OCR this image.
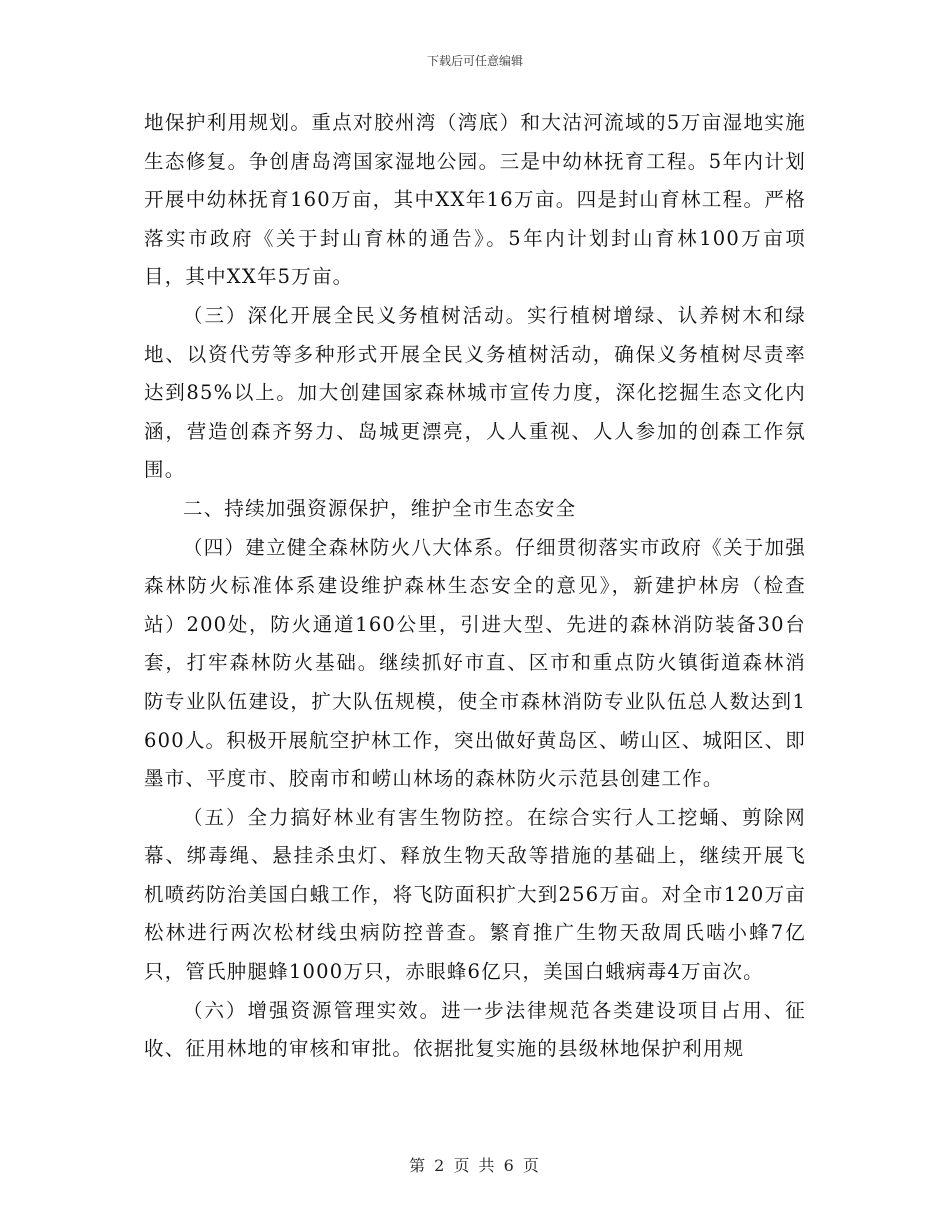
下载后可任意编辑

地保护利用规划。重点对胶州湾（湾底）和大沽河流域的5万亩湿地实施生态修复。争创唐岛湾国家湿地公园。三是中幼林抚育工程。5年内计划开展中幼林抚育160万亩，其中XX年16万亩。四是封山育林工程。严格落实市政府《关于封山育林的通告》。5年内计划封山育林100万亩项目，其中XX年5万亩。

（三）深化开展全民义务植树活动。实行植树增绿、认养树木和绿地、以资代劳等多种形式开展全民义务植树活动，确保义务植树尽责率达到85%以上。加大创建国家森林城市宣传力度，深化挖掘生态文化内涵，营造创森齐努力、岛城更漂亮，人人重视、人人参加的创森工作氛围。

二、持续加强资源保护，维护全市生态安全

（四）建立健全森林防火八大体系。仔细贯彻落实市政府《关于加强森林防火标准体系建设维护森林生态安全的意见》，新建护林房（检查站）200处，防火通道160公里，引进大型、先进的森林消防装备30台套，打牢森林防火基础。继续抓好市直、区市和重点防火镇街道森林消防专业队伍建设，扩大队伍规模，使全市森林消防专业队伍总人数达到1600人。积极开展航空护林工作，突出做好黄岛区、崂山区、城阳区、即墨市、平度市、胶南市和崂山林场的森林防火示范县创建工作。

（五）全力搞好林业有害生物防控。在综合实行人工挖蛹、剪除网幕、绑毒绳、悬挂杀虫灯、释放生物天敌等措施的基础上，继续开展飞机喷药防治美国白蛾工作，将飞防面积扩大到256万亩。对全市120万亩松林进行两次松材线虫病防控普查。繁育推广生物天敌周氏啮小蜂7亿只，管氏肿腿蜂1000万只，赤眼蜂6亿只，美国白蛾病毒4万亩次。

（六）增强资源管理实效。进一步法律规范各类建设项目占用、征收、征用林地的审核和审批。依据批复实施的县级林地保护利用规

第 2 页 共 6 页
